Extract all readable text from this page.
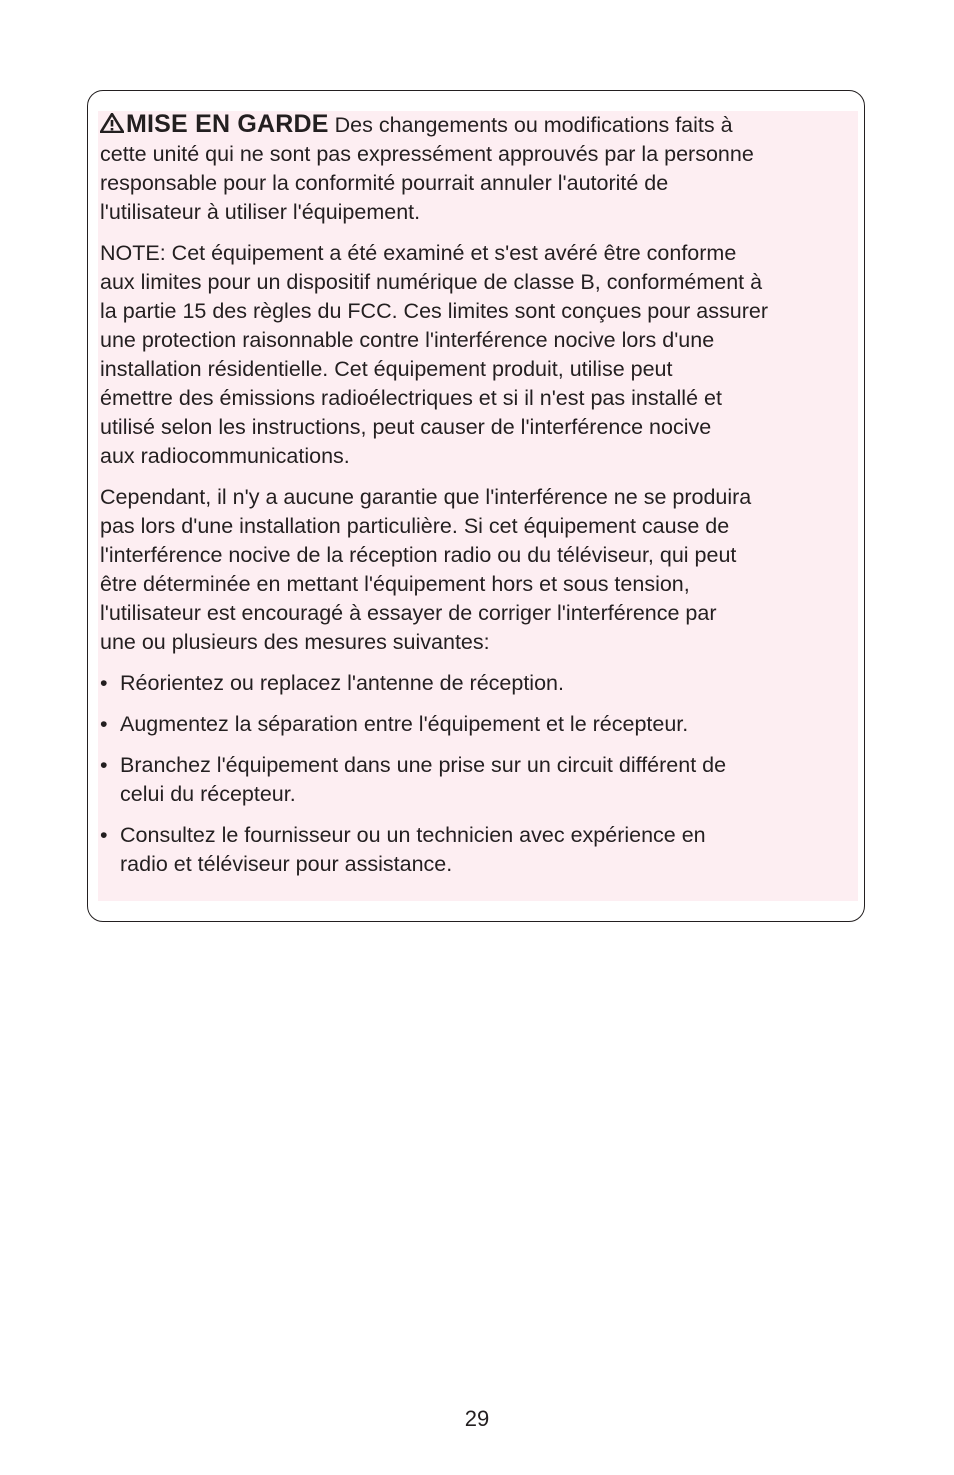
MISE EN GARDE Des changements ou modifications faits à
cette unité qui ne sont pas expressément approuvés par la personne
responsable pour la conformité pourrait annuler l'autorité de
l'utilisateur à utiliser l'équipement.

NOTE: Cet équipement a été examiné et s'est avéré être conforme
aux limites pour un dispositif numérique de classe B, conformément à
la partie 15 des règles du FCC. Ces limites sont conçues pour assurer
une protection raisonnable contre l'interférence nocive lors d'une
installation résidentielle. Cet équipement produit, utilise peut
émettre des émissions radioélectriques et si il n'est pas installé et
utilisé selon les instructions, peut causer de l'interférence nocive
aux radiocommunications.

Cependant, il n'y a aucune garantie que l'interférence ne se produira
pas lors d'une installation particulière. Si cet équipement cause de
l'interférence nocive de la réception radio ou du téléviseur, qui peut
être déterminée en mettant l'équipement hors et sous tension,
l'utilisateur est encouragé à essayer de corriger l'interférence par
une ou plusieurs des mesures suivantes:

• Réorientez ou replacez l'antenne de réception.
• Augmentez la séparation entre l'équipement et le récepteur.
• Branchez l'équipement dans une prise sur un circuit différent de
celui du récepteur.
• Consultez le fournisseur ou un technicien avec expérience en
radio et téléviseur pour assistance.
29
